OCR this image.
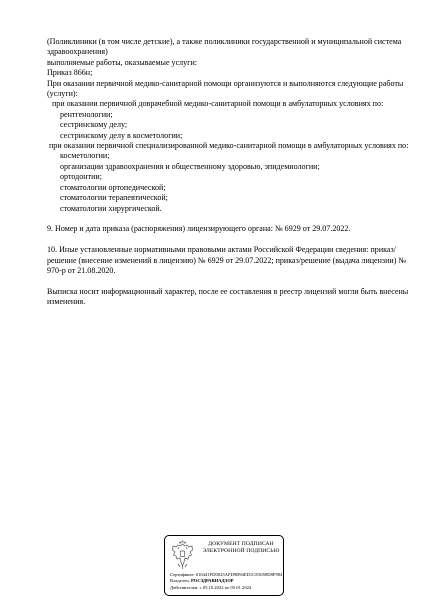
(Поликлиники (в том числе детские), а также поликлиники государственной и муниципальной система здравоохранения)

выполняемые работы, оказываемые услуги:

Приказ 866н;

При оказании первичной медико-санитарной помощи организуются и выполняются следующие работы (услуги):

при оказании первичной доврачебной медико-санитарной помощи в амбулаторных условиях по:

рентгенологии;

сестринскому делу;

сестринскому делу в косметологии;

при оказании первичной специализированной медико-санитарной помощи в амбулаторных условиях по:

косметологии;

организации здравоохранения и общественному здоровью, эпидемиологии;

ортодонтии;

стоматологии ортопедической;

стоматологии терапевтической;

стоматологии хирургической.

9. Номер и дата приказа (распоряжения) лицензирующего органа: № 6929 от 29.07.2022.

10. Иные установленные нормативными правовыми актами Российской Федерации сведения: приказ/решение (внесение изменений в лицензию) № 6929 от 29.07.2022; приказ/решение (выдача лицензии) № 970-р от 21.08.2020.

Выписка носит информационный характер, после ее составления в реестр лицензий могли быть внесены изменения.

ДОКУМЕНТ ПОДПИСАН
ЭЛЕКТРОННОЙ ПОДПИСЬЮ
Сертификат: 016441FD0025AFD9B94ED1CE5058D8F984
Владелец: РОСЗДРАВНАДЗОР
Действителен: с 05.10.2022 по 05.01.2024
